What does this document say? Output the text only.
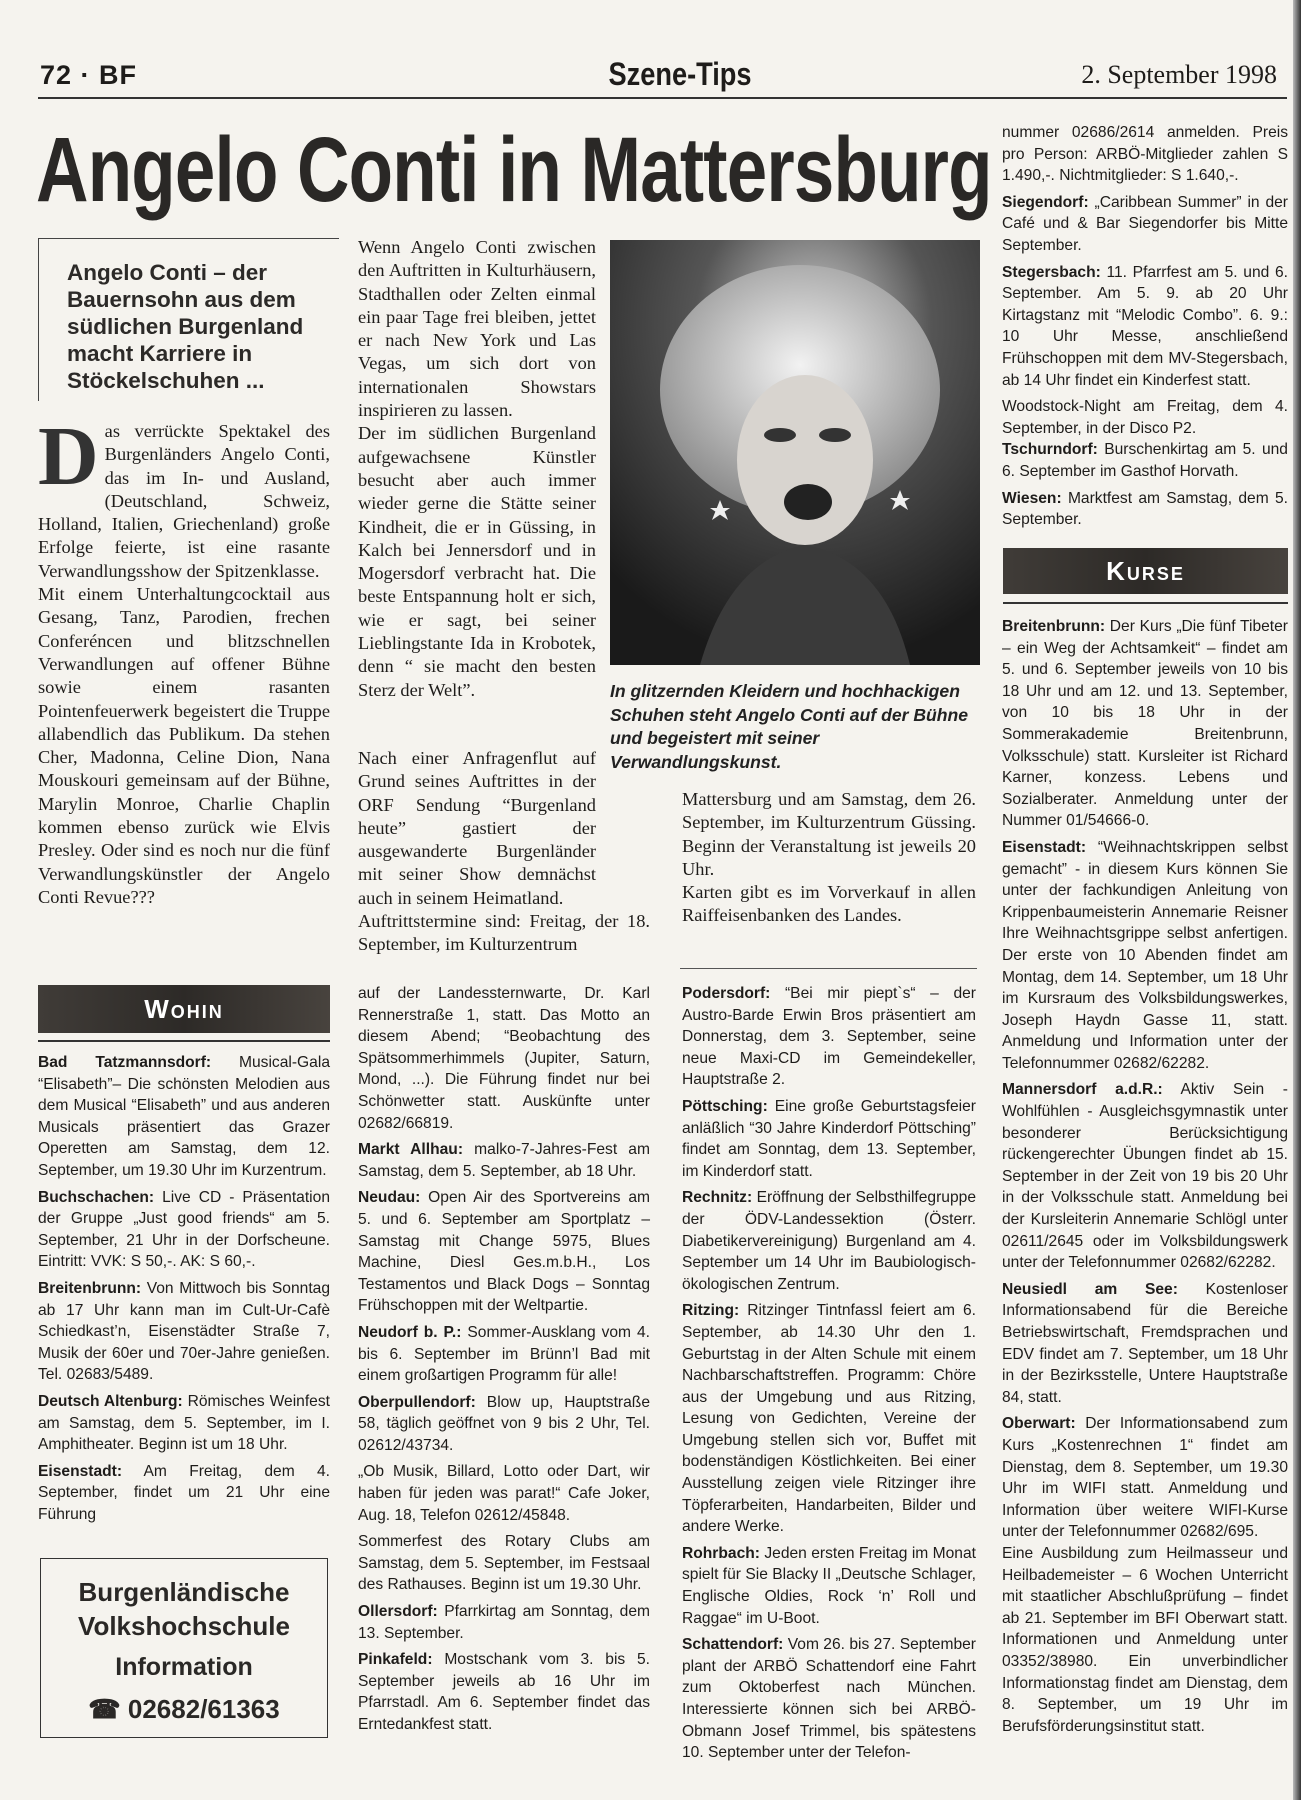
72 · BF	Szene-Tips	2. September 1998
Angelo Conti in Mattersburg

Angelo Conti – der Bauernsohn aus dem südlichen Burgenland macht Karriere in Stöckelschuhen ...

Das verrückte Spektakel des Burgenländers Angelo Conti, das im In- und Ausland, (Deutschland, Schweiz, Holland, Italien, Griechenland) große Erfolge feierte, ist eine rasante Verwandlungsshow der Spitzenklasse.

Mit einem Unterhaltungcocktail aus Gesang, Tanz, Parodien, frechen Conferéncen und blitzschnellen Verwandlungen auf offener Bühne sowie einem rasanten Pointenfeuerwerk begeistert die Truppe allabendlich das Publikum. Da stehen Cher, Madonna, Celine Dion, Nana Mouskouri gemeinsam auf der Bühne, Marylin Monroe, Charlie Chaplin kommen ebenso zurück wie Elvis Presley. Oder sind es noch nur die fünf Verwandlungskünstler der Angelo Conti Revue???

Wenn Angelo Conti zwischen den Auftritten in Kulturhäusern, Stadthallen oder Zelten einmal ein paar Tage frei bleiben, jettet er nach New York und Las Vegas, um sich dort von internationalen Showstars inspirieren zu lassen.

Der im südlichen Burgenland aufgewachsene Künstler besucht aber auch immer wieder gerne die Stätte seiner Kindheit, die er in Güssing, in Kalch bei Jennersdorf und in Mogersdorf verbracht hat. Die beste Entspannung holt er sich, wie er sagt, bei seiner Lieblingstante Ida in Krobotek, denn “ sie macht den besten Sterz der Welt”.

Nach einer Anfragenflut auf Grund seines Auftrittes in der ORF Sendung “Burgenland heute” gastiert der ausgewanderte Burgenländer mit seiner Show demnächst auch in seinem Heimatland.

Auftrittstermine sind: Freitag, der 18. September, im Kulturzentrum

In glitzernden Kleidern und hochhackigen Schuhen steht Angelo Conti auf der Bühne und begeistert mit seiner Verwandlungskunst.

Mattersburg und am Samstag, dem 26. September, im Kulturzentrum Güssing. Beginn der Veranstaltung ist jeweils 20 Uhr.

Karten gibt es im Vorverkauf in allen Raiffeisenbanken des Landes.

Wohin

Bad Tatzmannsdorf: Musical-Gala “Elisabeth”– Die schönsten Melodien aus dem Musical “Elisabeth” und aus anderen Musicals präsentiert das Grazer Operetten am Samstag, dem 12. September, um 19.30 Uhr im Kurzentrum.

Buchschachen: Live CD - Präsentation der Gruppe „Just good friends“ am 5. September, 21 Uhr in der Dorfscheune. Eintritt: VVK: S 50,-. AK: S 60,-.

Breitenbrunn: Von Mittwoch bis Sonntag ab 17 Uhr kann man im Cult-Ur-Cafè Schiedkast’n, Eisenstädter Straße 7, Musik der 60er und 70er-Jahre genießen. Tel. 02683/5489.

Deutsch Altenburg: Römisches Weinfest am Samstag, dem 5. September, im I. Amphitheater. Beginn ist um 18 Uhr.

Eisenstadt: Am Freitag, dem 4. September, findet um 21 Uhr eine Führung

Burgenländische Volkshochschule
Information
☎ 02682/61363

auf der Landessternwarte, Dr. Karl Rennerstraße 1, statt. Das Motto an diesem Abend; “Beobachtung des Spätsommerhimmels (Jupiter, Saturn, Mond, ...). Die Führung findet nur bei Schönwetter statt. Auskünfte unter 02682/66819.

Markt Allhau: malko-7-Jahres-Fest am Samstag, dem 5. September, ab 18 Uhr.

Neudau: Open Air des Sportvereins am 5. und 6. September am Sportplatz – Samstag mit Change 5975, Blues Machine, Diesl Ges.m.b.H., Los Testamentos und Black Dogs – Sonntag Frühschoppen mit der Weltpartie.

Neudorf b. P.: Sommer-Ausklang vom 4. bis 6. September im Brünn’l Bad mit einem großartigen Programm für alle!

Oberpullendorf: Blow up, Hauptstraße 58, täglich geöffnet von 9 bis 2 Uhr, Tel. 02612/43734.

„Ob Musik, Billard, Lotto oder Dart, wir haben für jeden was parat!“ Cafe Joker, Aug. 18, Telefon 02612/45848.

Sommerfest des Rotary Clubs am Samstag, dem 5. September, im Festsaal des Rathauses. Beginn ist um 19.30 Uhr.

Ollersdorf: Pfarrkirtag am Sonntag, dem 13. September.

Pinkafeld: Mostschank vom 3. bis 5. September jeweils ab 16 Uhr im Pfarrstadl. Am 6. September findet das Erntedankfest statt.

Podersdorf: “Bei mir piept`s“ – der Austro-Barde Erwin Bros präsentiert am Donnerstag, dem 3. September, seine neue Maxi-CD im Gemeindekeller, Hauptstraße 2.

Pöttsching: Eine große Geburtstagsfeier anläßlich “30 Jahre Kinderdorf Pöttsching” findet am Sonntag, dem 13. September, im Kinderdorf statt.

Rechnitz: Eröffnung der Selbsthilfegruppe der ÖDV-Landessektion (Österr. Diabetikervereinigung) Burgenland am 4. September um 14 Uhr im Baubiologisch-ökologischen Zentrum.

Ritzing: Ritzinger Tintnfassl feiert am 6. September, ab 14.30 Uhr den 1. Geburtstag in der Alten Schule mit einem Nachbarschaftstreffen. Programm: Chöre aus der Umgebung und aus Ritzing, Lesung von Gedichten, Vereine der Umgebung stellen sich vor, Buffet mit bodenständigen Köstlichkeiten. Bei einer Ausstellung zeigen viele Ritzinger ihre Töpferarbeiten, Handarbeiten, Bilder und andere Werke.

Rohrbach: Jeden ersten Freitag im Monat spielt für Sie Blacky II „Deutsche Schlager, Englische Oldies, Rock ‘n’ Roll und Raggae“ im U-Boot.

Schattendorf: Vom 26. bis 27. September plant der ARBÖ Schattendorf eine Fahrt zum Oktoberfest nach München. Interessierte können sich bei ARBÖ-Obmann Josef Trimmel, bis spätestens 10. September unter der Telefon-

nummer 02686/2614 anmelden. Preis pro Person: ARBÖ-Mitglieder zahlen S 1.490,-. Nichtmitglieder: S 1.640,-.

Siegendorf: „Caribbean Summer” in der Café und & Bar Siegendorfer bis Mitte September.

Stegersbach: 11. Pfarrfest am 5. und 6. September. Am 5. 9. ab 20 Uhr Kirtagstanz mit “Melodic Combo”. 6. 9.: 10 Uhr Messe, anschließend Frühschoppen mit dem MV-Stegersbach, ab 14 Uhr findet ein Kinderfest statt.

Woodstock-Night am Freitag, dem 4. September, in der Disco P2.

Tschurndorf: Burschenkirtag am 5. und 6. September im Gasthof Horvath.

Wiesen: Marktfest am Samstag, dem 5. September.

Kurse

Breitenbrunn: Der Kurs „Die fünf Tibeter – ein Weg der Achtsamkeit“ – findet am 5. und 6. September jeweils von 10 bis 18 Uhr und am 12. und 13. September, von 10 bis 18 Uhr in der Sommerakademie Breitenbrunn, Volksschule) statt. Kursleiter ist Richard Karner, konzess. Lebens und Sozialberater. Anmeldung unter der Nummer 01/54666-0.

Eisenstadt: “Weihnachtskrippen selbst gemacht” - in diesem Kurs können Sie unter der fachkundigen Anleitung von Krippenbaumeisterin Annemarie Reisner Ihre Weihnachtsgrippe selbst anfertigen. Der erste von 10 Abenden findet am Montag, dem 14. September, um 18 Uhr im Kursraum des Volksbildungswerkes, Joseph Haydn Gasse 11, statt. Anmeldung und Information unter der Telefonnummer 02682/62282.

Mannersdorf a.d.R.: Aktiv Sein - Wohlfühlen - Ausgleichsgymnastik unter besonderer Berücksichtigung rückengerechter Übungen findet ab 15. September in der Zeit von 19 bis 20 Uhr in der Volksschule statt. Anmeldung bei der Kursleiterin Annemarie Schlögl unter 02611/2645 oder im Volksbildungswerk unter der Telefonnummer 02682/62282.

Neusiedl am See: Kostenloser Informationsabend für die Bereiche Betriebswirtschaft, Fremdsprachen und EDV findet am 7. September, um 18 Uhr in der Bezirksstelle, Untere Hauptstraße 84, statt.

Oberwart: Der Informationsabend zum Kurs „Kostenrechnen 1“ findet am Dienstag, dem 8. September, um 19.30 Uhr im WIFI statt. Anmeldung und Information über weitere WIFI-Kurse unter der Telefonnummer 02682/695.

Eine Ausbildung zum Heilmasseur und Heilbademeister – 6 Wochen Unterricht mit staatlicher Abschlußprüfung – findet ab 21. September im BFI Oberwart statt. Informationen und Anmeldung unter 03352/38980. Ein unverbindlicher Informationstag findet am Dienstag, dem 8. September, um 19 Uhr im Berufsförderungsinstitut statt.
